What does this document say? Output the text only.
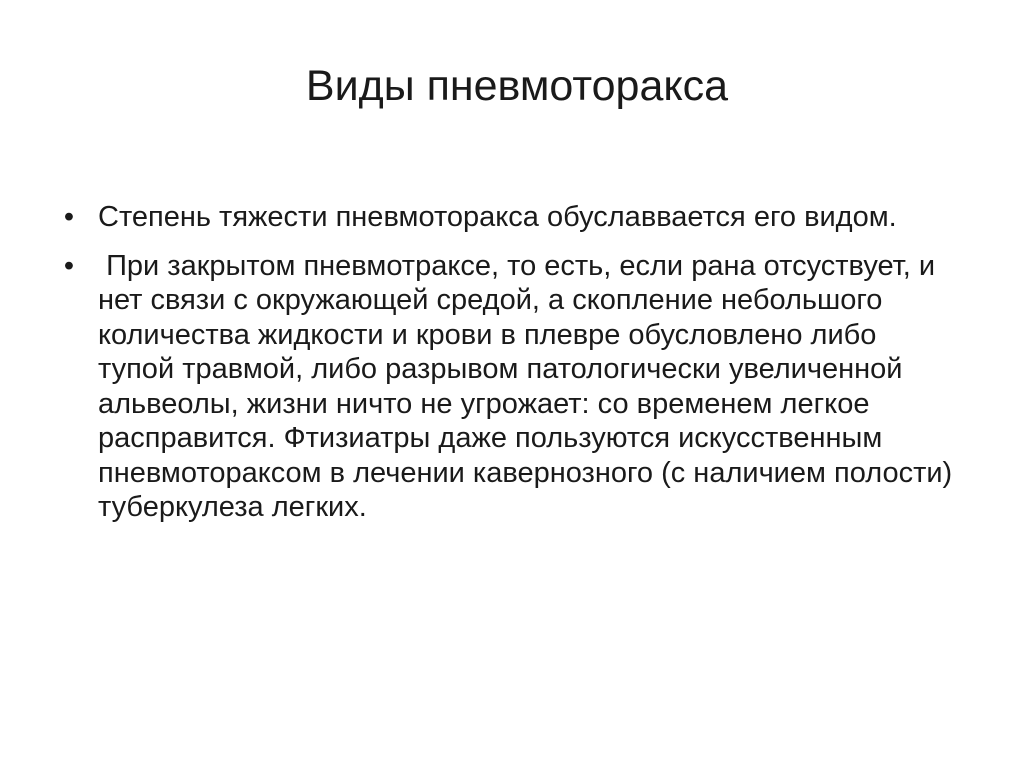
Виды пневмоторакса
• Степень тяжести пневмоторакса обуславвается его видом.
• При закрытом пневмотраксе, то есть, если рана отсуствует, и нет связи с окружающей средой, а скопление небольшого количества жидкости и крови в плевре обусловлено либо тупой травмой, либо разрывом патологически увеличенной альвеолы, жизни ничто не угрожает: со временем легкое расправится. Фтизиатры даже пользуются искусственным пневмотораксом в лечении кавернозного (с наличием полости) туберкулеза легких.
